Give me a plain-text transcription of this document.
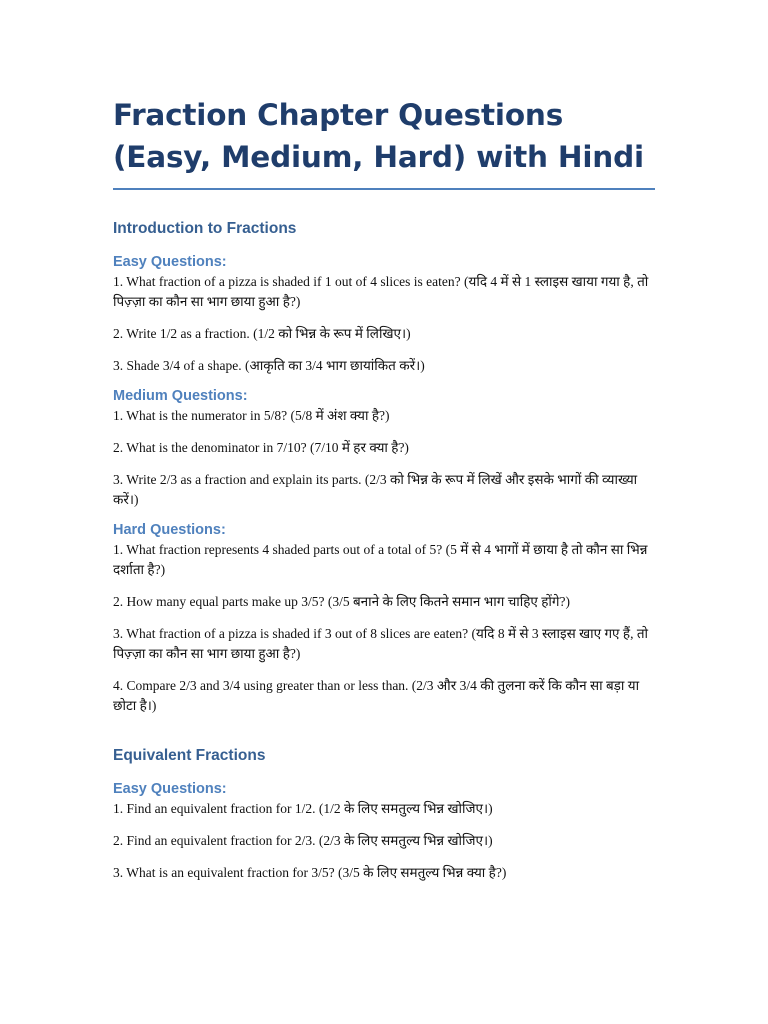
Fraction Chapter Questions (Easy, Medium, Hard) with Hindi
Introduction to Fractions
Easy Questions:

1. What fraction of a pizza is shaded if 1 out of 4 slices is eaten? (यदि 4 में से 1 स्लाइस खाया गया है, तो पिज़्ज़ा का कौन सा भाग छाया हुआ है?)

2. Write 1/2 as a fraction. (1/2 को भिन्न के रूप में लिखिए।)

3. Shade 3/4 of a shape. (आकृति का 3/4 भाग छायांकित करें।)

Medium Questions:

1. What is the numerator in 5/8? (5/8 में अंश क्या है?)

2. What is the denominator in 7/10? (7/10 में हर क्या है?)

3. Write 2/3 as a fraction and explain its parts. (2/3 को भिन्न के रूप में लिखें और इसके भागों की व्याख्या करें।)

Hard Questions:

1. What fraction represents 4 shaded parts out of a total of 5? (5 में से 4 भागों में छाया है तो कौन सा भिन्न दर्शाता है?)

2. How many equal parts make up 3/5? (3/5 बनाने के लिए कितने समान भाग चाहिए होंगे?)

3. What fraction of a pizza is shaded if 3 out of 8 slices are eaten? (यदि 8 में से 3 स्लाइस खाए गए हैं, तो पिज़्ज़ा का कौन सा भाग छाया हुआ है?)

4. Compare 2/3 and 3/4 using greater than or less than. (2/3 और 3/4 की तुलना करें कि कौन सा बड़ा या छोटा है।)

Equivalent Fractions
Easy Questions:

1. Find an equivalent fraction for 1/2. (1/2 के लिए समतुल्य भिन्न खोजिए।)

2. Find an equivalent fraction for 2/3. (2/3 के लिए समतुल्य भिन्न खोजिए।)

3. What is an equivalent fraction for 3/5? (3/5 के लिए समतुल्य भिन्न क्या है?)
